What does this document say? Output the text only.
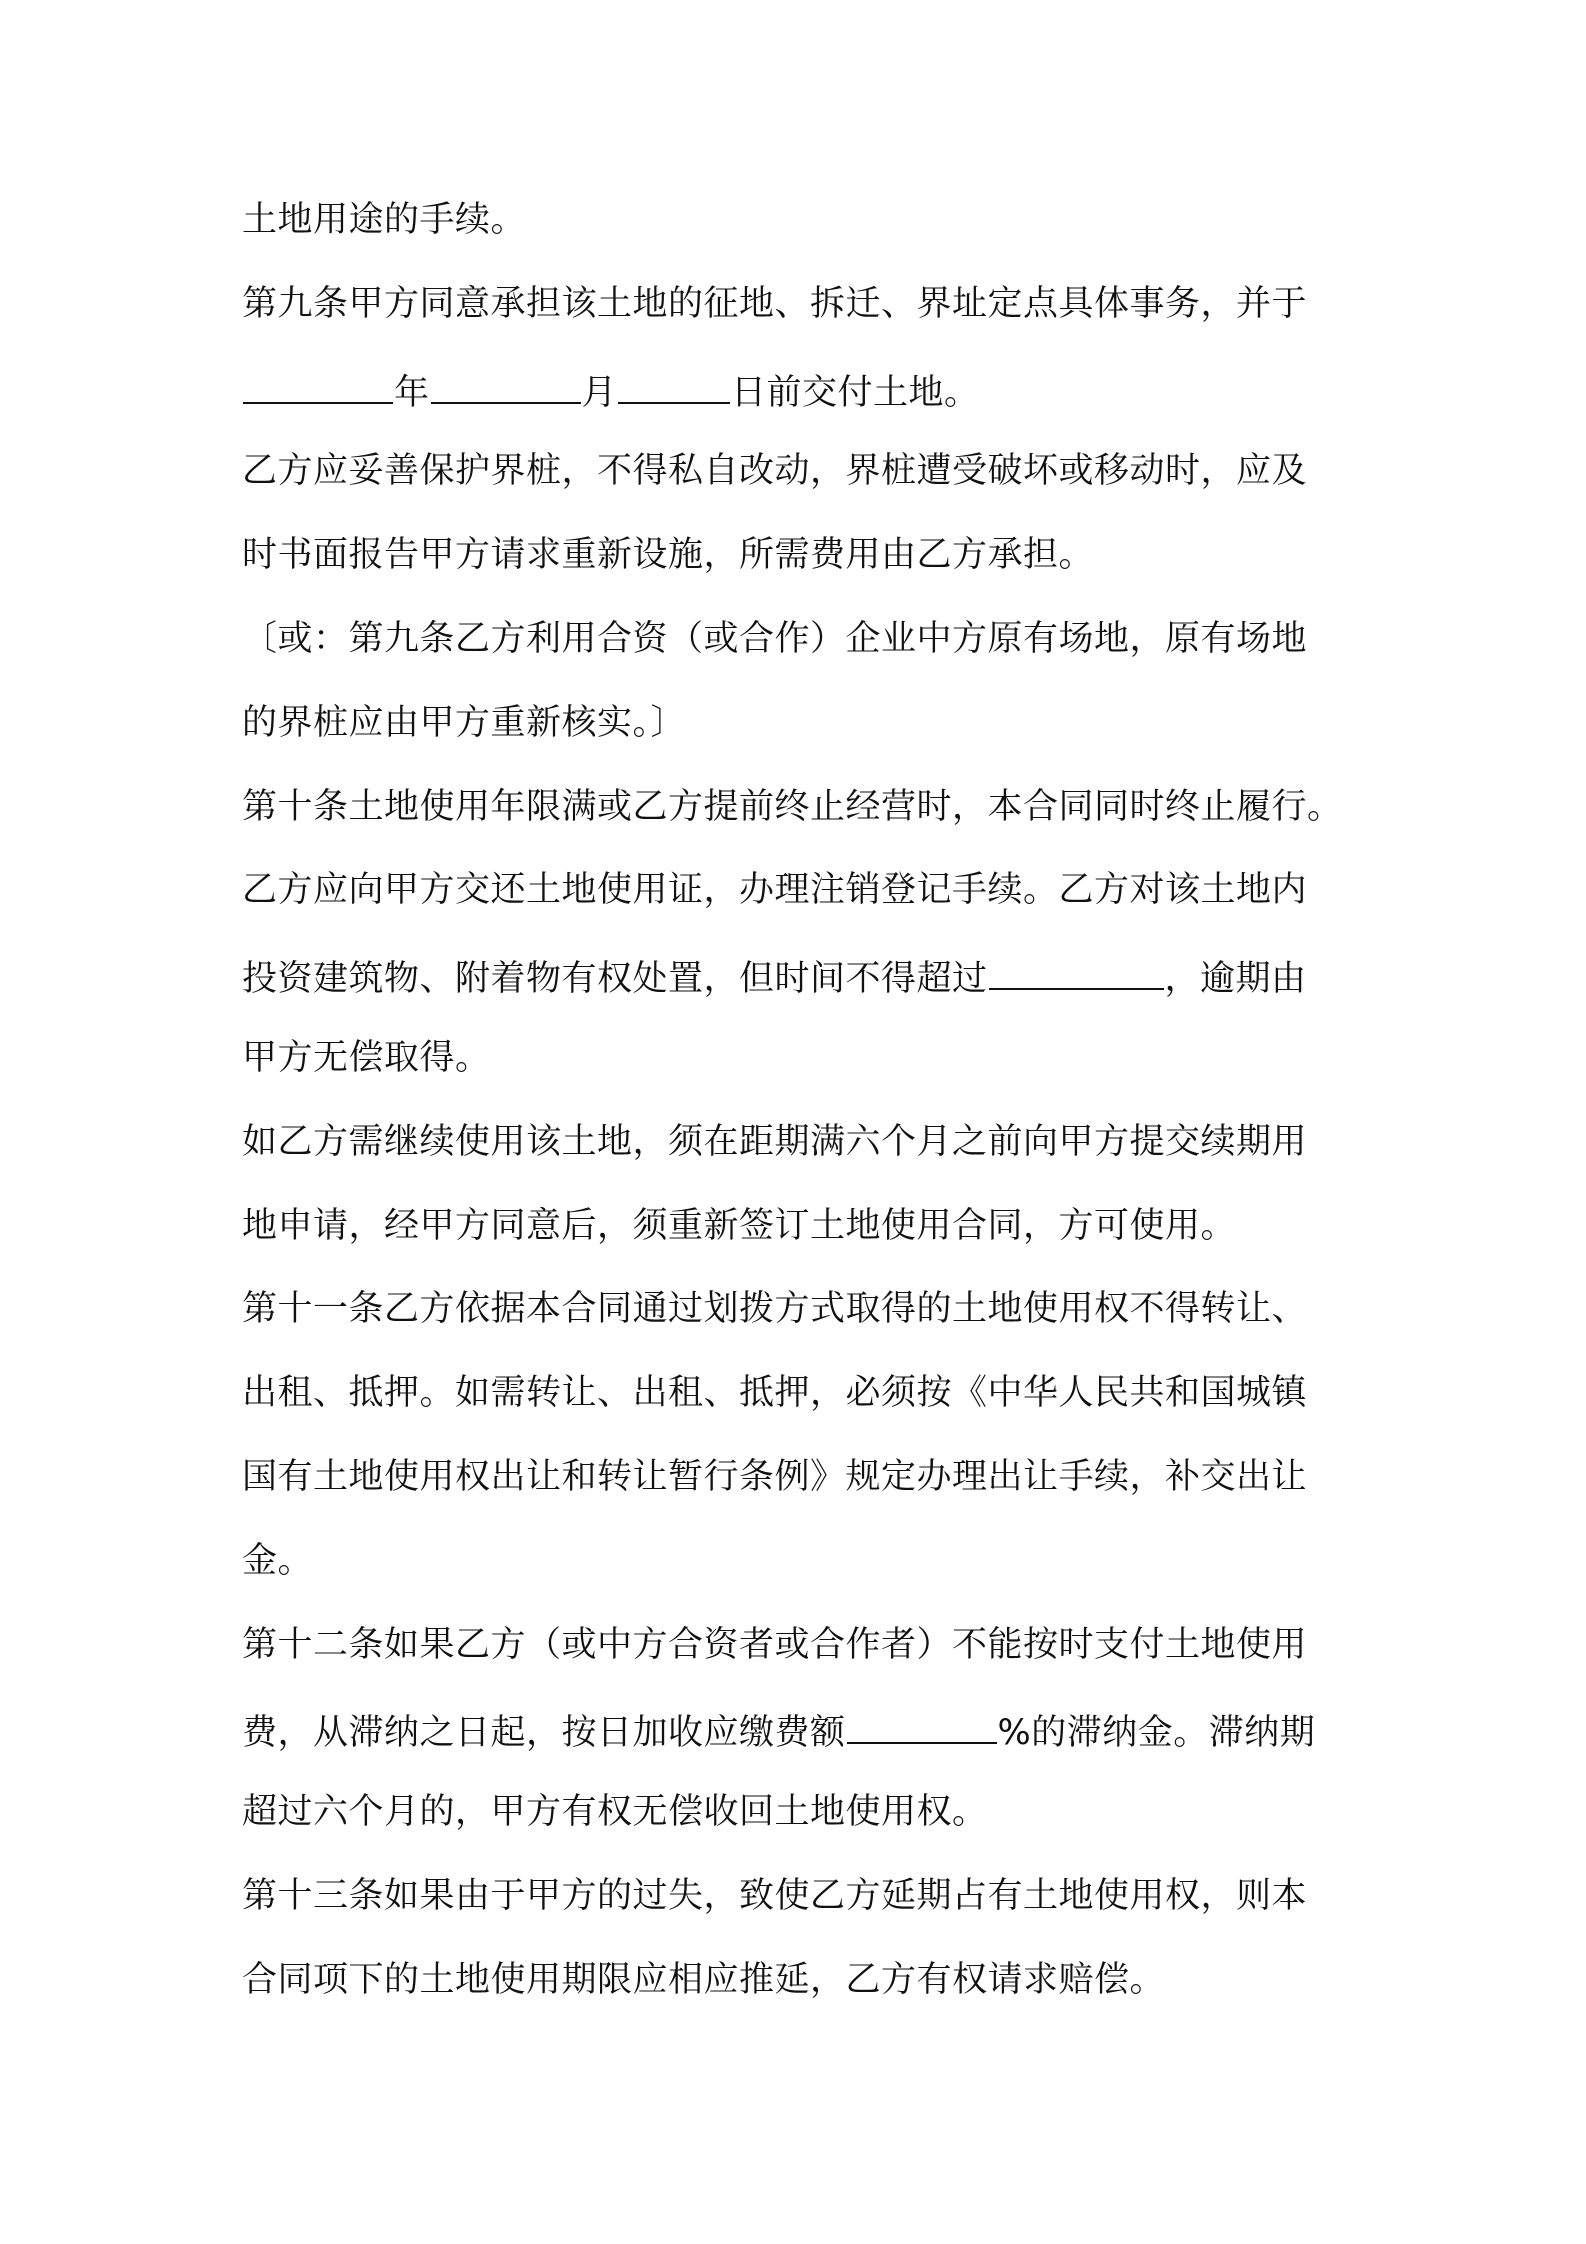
土地用途的手续。
第九条甲方同意承担该土地的征地、拆迁、界址定点具体事务，并于
年	月	日前交付土地。
乙方应妥善保护界桩，不得私自改动，界桩遭受破坏或移动时，应及
时书面报告甲方请求重新设施，所需费用由乙方承担。
〔或：第九条乙方利用合资（或合作）企业中方原有场地，原有场地
的界桩应由甲方重新核实。〕
第十条土地使用年限满或乙方提前终止经营时，本合同同时终止履行。
乙方应向甲方交还土地使用证，办理注销登记手续。乙方对该土地内
投资建筑物、附着物有权处置，但时间不得超过	，逾期由
甲方无偿取得。
如乙方需继续使用该土地，须在距期满六个月之前向甲方提交续期用
地申请，经甲方同意后，须重新签订土地使用合同，方可使用。
第十一条乙方依据本合同通过划拨方式取得的土地使用权不得转让、
出租、抵押。如需转让、出租、抵押，必须按《中华人民共和国城镇
国有土地使用权出让和转让暂行条例》规定办理出让手续，补交出让
金。
第十二条如果乙方（或中方合资者或合作者）不能按时支付土地使用
费，从滞纳之日起，按日加收应缴费额	%的滞纳金。滞纳期
超过六个月的，甲方有权无偿收回土地使用权。
第十三条如果由于甲方的过失，致使乙方延期占有土地使用权，则本
合同项下的土地使用期限应相应推延，乙方有权请求赔偿。
